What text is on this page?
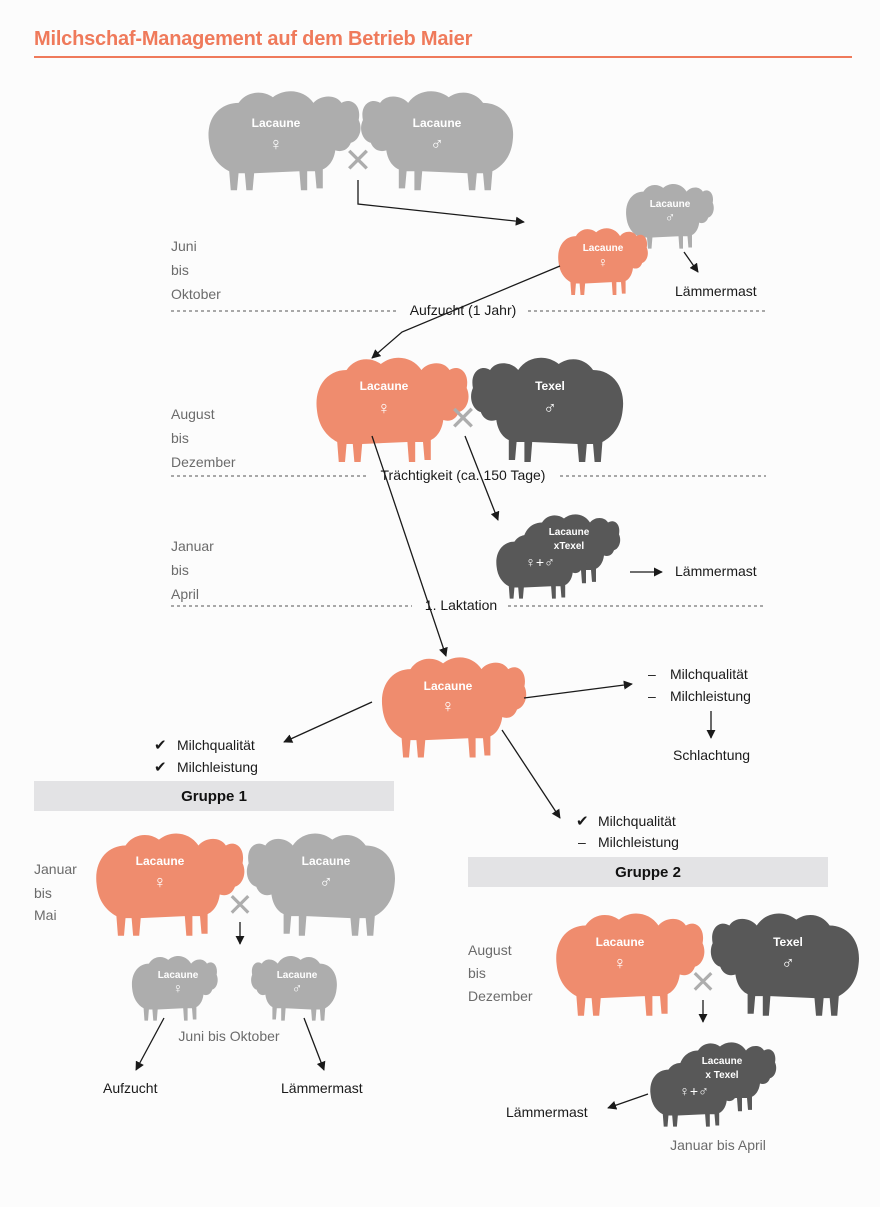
Milchschaf-Management auf dem Betrieb Maier
Gruppe 1
Gruppe 2
Lacaune
♀
Lacaune
♂
✕
Lacaune
♂
Lacaune
♀
Lämmermast
Juni
bis
Oktober
Aufzucht (1 Jahr)
Lacaune
♀
Texel
♂
✕
August
bis
Dezember
Trächtigkeit (ca. 150 Tage)
Lacaune
xTexel
♀+♂
Lämmermast
Januar
bis
April
1. Laktation
Lacaune
♀
– Milchqualität
– Milchleistung
Schlachtung
✔ Milchqualität
✔ Milchleistung
✔ Milchqualität
– Milchleistung
Januar
bis
Mai
Lacaune
♀
Lacaune
♂
✕
Lacaune
♀
Lacaune
♂
Juni bis Oktober
Aufzucht	Lämmermast
August
bis
Dezember
Lacaune
♀
Texel
♂
✕
Lacaune
x Texel
♀+♂
Lämmermast
Januar bis April
